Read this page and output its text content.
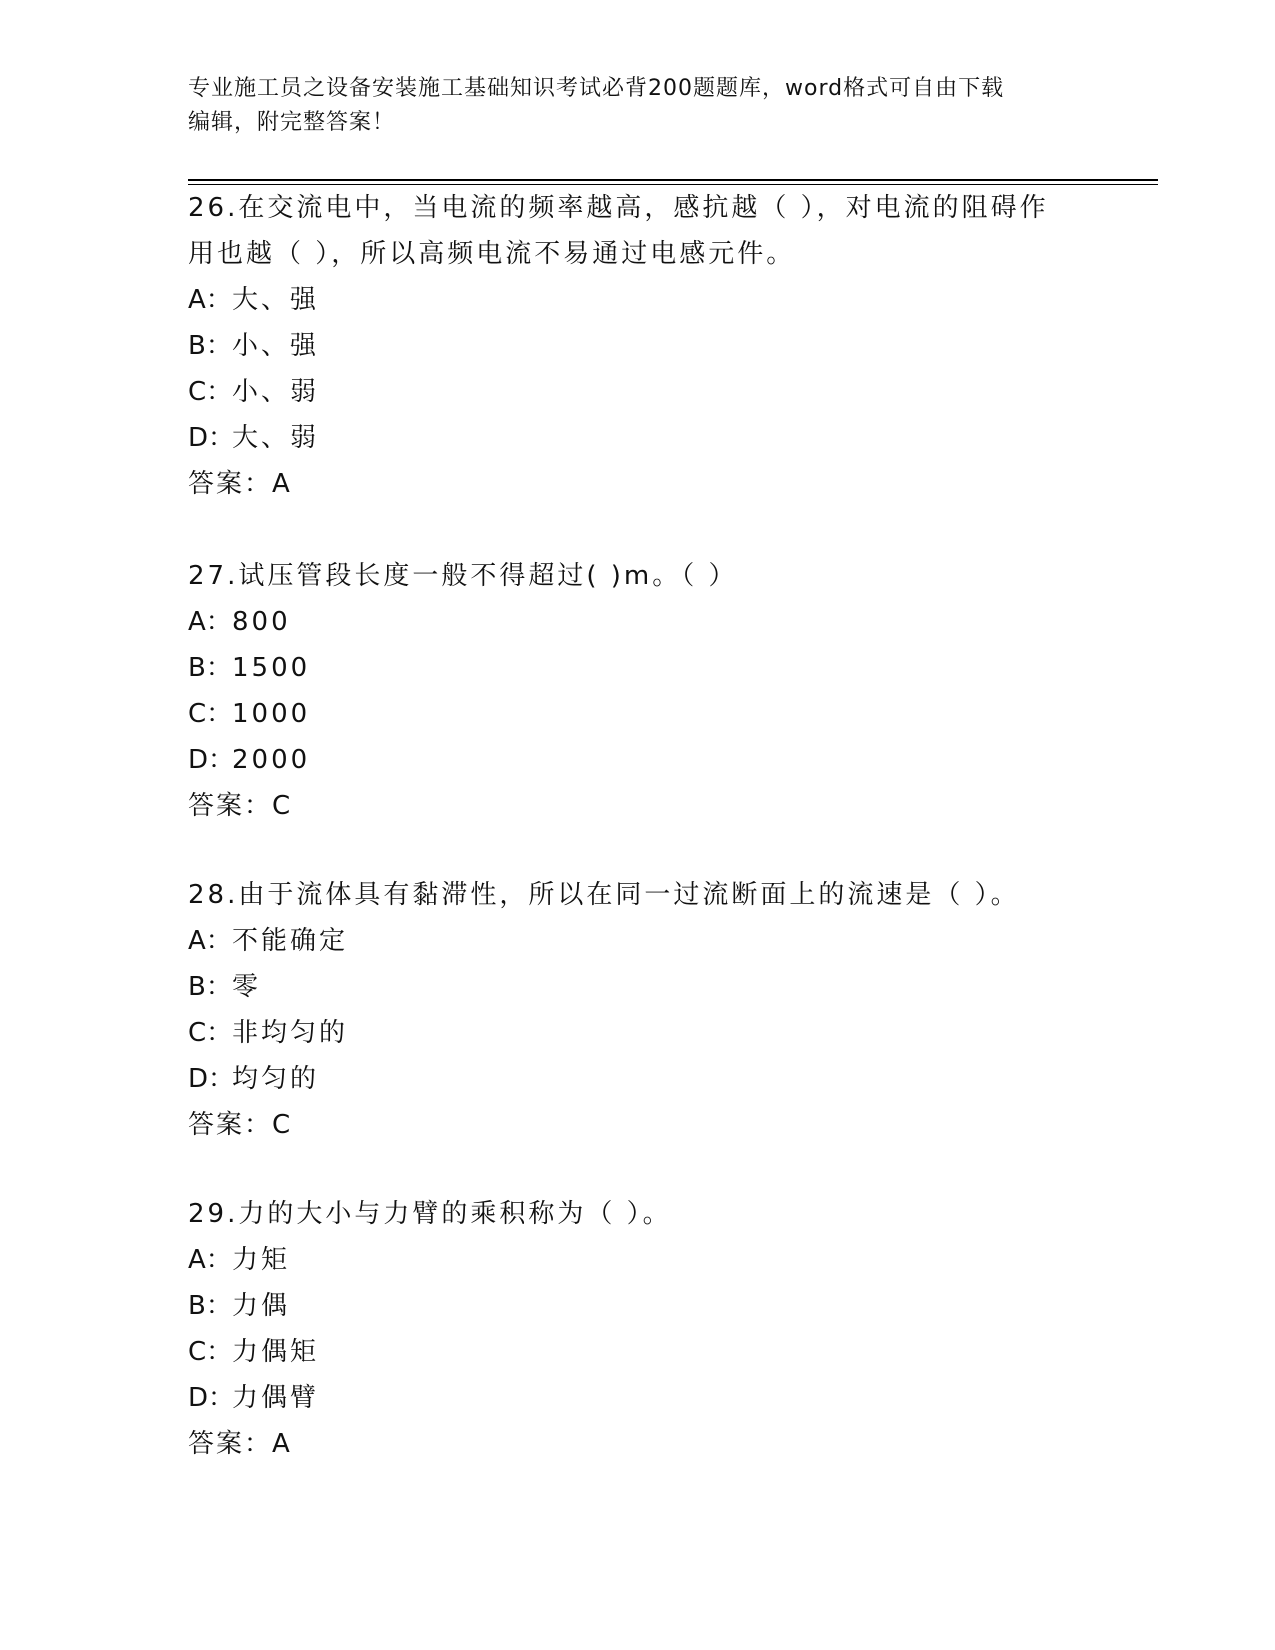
专业施工员之设备安装施工基础知识考试必背200题题库，word格式可自由下载
编辑，附完整答案！
26.在交流电中，当电流的频率越高，感抗越（ ），对电流的阻碍作
用也越（ ），所以高频电流不易通过电感元件。
A：大、强
B：小、强
C：小、弱
D：大、弱
答案：A
27.试压管段长度一般不得超过( )m。（ ）
A：800
B：1500
C：1000
D：2000
答案：C
28.由于流体具有黏滞性，所以在同一过流断面上的流速是（ ）。
A：不能确定
B：零
C：非均匀的
D：均匀的
答案：C
29.力的大小与力臂的乘积称为（ ）。
A：力矩
B：力偶
C：力偶矩
D：力偶臂
答案：A
